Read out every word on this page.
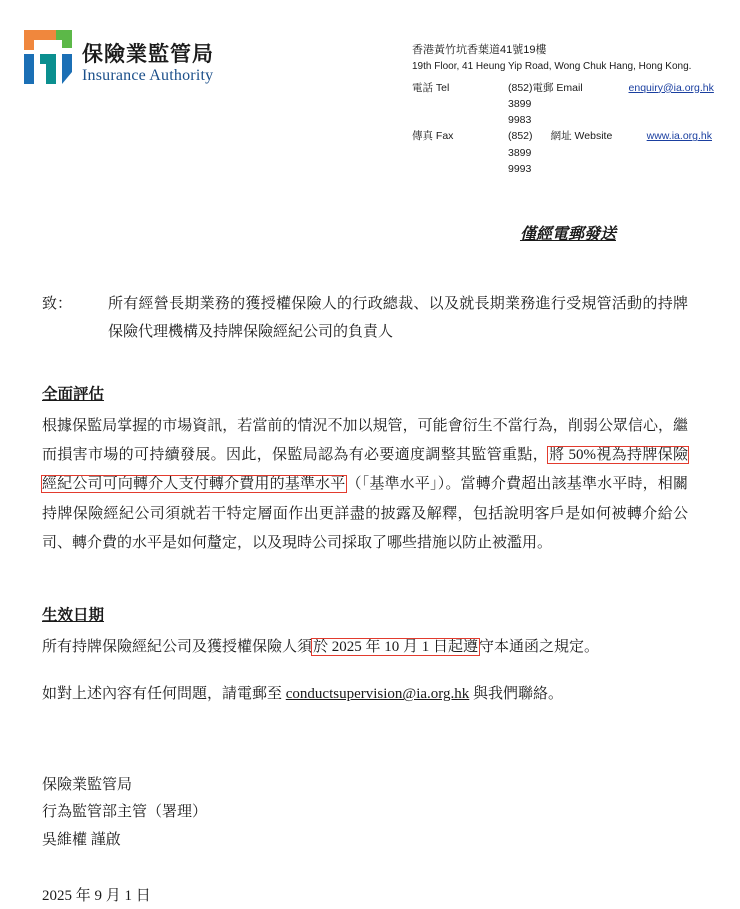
保險業監管局
Insurance Authority
香港黃竹坑香葉道41號19樓
19th Floor, 41 Heung Yip Road, Wong Chuk Hang, Hong Kong.
電話 Tel	(852) 3899 9983
電郵 Email	enquiry@ia.org.hk
傳真 Fax	(852) 3899 9993
網址 Website	www.ia.org.hk
僅經電郵發送
致：	所有經營長期業務的獲授權保險人的行政總裁、以及就長期業務進行受規管活動的持牌保險代理機構及持牌保險經紀公司的負責人
全面評估

根據保監局掌握的市場資訊，若當前的情況不加以規管，可能會衍生不當行為，削弱公眾信心，繼而損害市場的可持續發展。因此，保監局認為有必要適度調整其監管重點，將 50%視為持牌保險經紀公司可向轉介人支付轉介費用的基準水平（「基準水平」）。當轉介費超出該基準水平時，相關持牌保險經紀公司須就若干特定層面作出更詳盡的披露及解釋，包括說明客戶是如何被轉介給公司、轉介費的水平是如何釐定，以及現時公司採取了哪些措施以防止被濫用。

生效日期

所有持牌保險經紀公司及獲授權保險人須於 2025 年 10 月 1 日起遵守本通函之規定。

如對上述內容有任何問題，請電郵至 conductsupervision@ia.org.hk 與我們聯絡。

保險業監管局
行為監管部主管（署理）
吳維權 謹啟
2025 年 9 月 1 日
